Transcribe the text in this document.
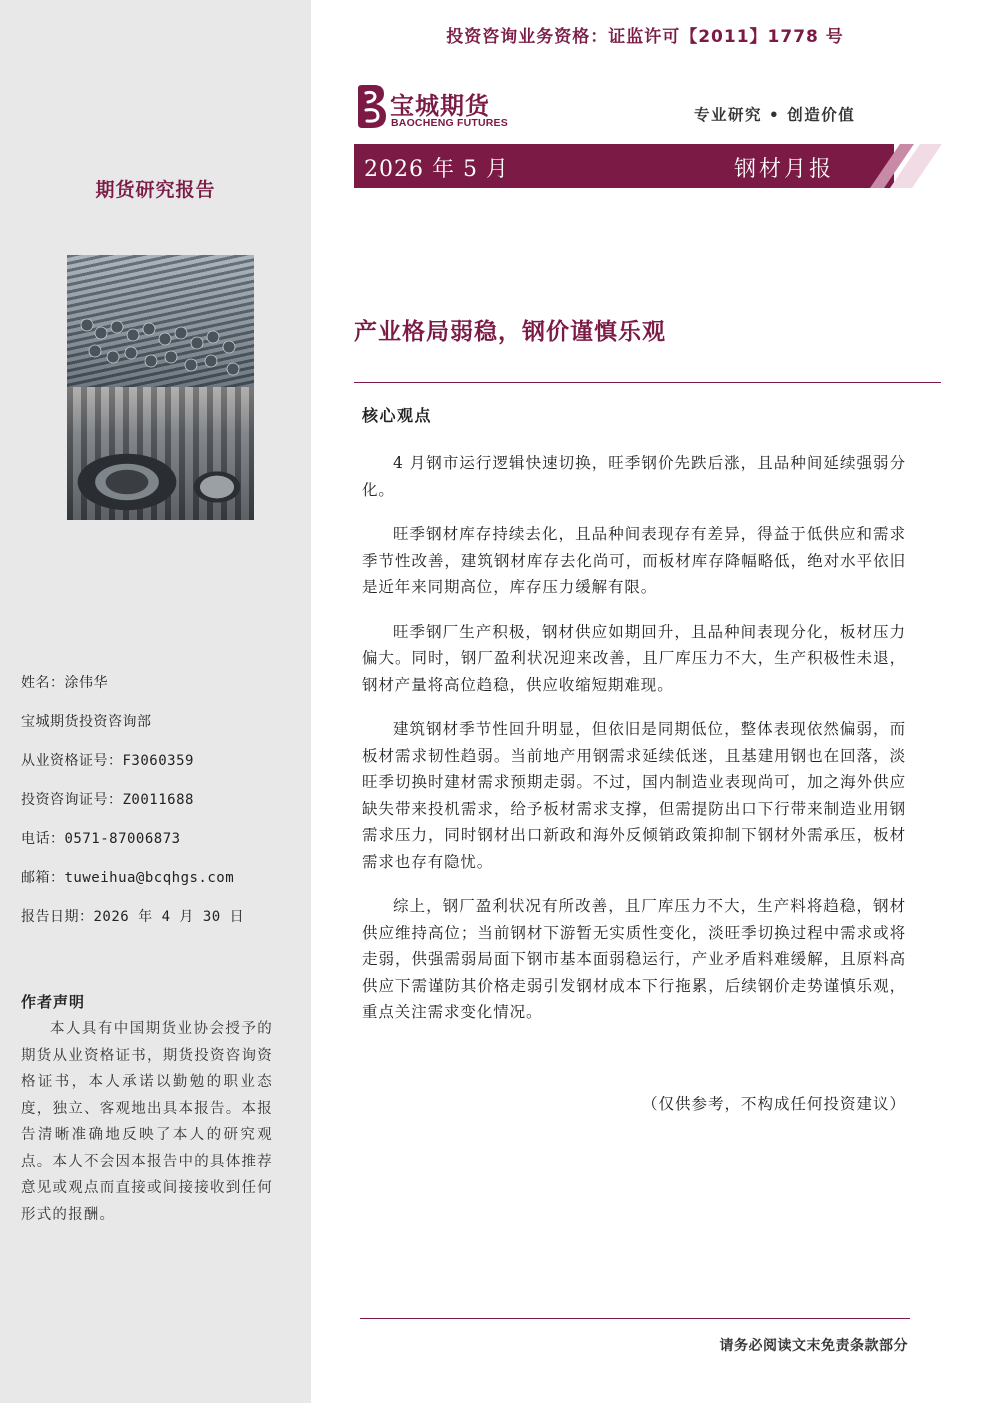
期货研究报告
姓名：涂伟华
宝城期货投资咨询部
从业资格证号：F3060359
投资咨询证号：Z0011688
电话：0571-87006873
邮箱：tuweihua@bcqhgs.com
报告日期：2026 年 4 月 30 日
作者声明
本人具有中国期货业协会授予的期货从业资格证书，期货投资咨询资格证书，本人承诺以勤勉的职业态度，独立、客观地出具本报告。本报告清晰准确地反映了本人的研究观点。本人不会因本报告中的具体推荐意见或观点而直接或间接接收到任何形式的报酬。
投资咨询业务资格：证监许可【2011】1778 号
宝城期货
BAOCHENG FUTURES	专业研究 • 创造价值
2026 年 5 月	钢材月报
产业格局弱稳，钢价谨慎乐观
核心观点

4 月钢市运行逻辑快速切换，旺季钢价先跌后涨，且品种间延续强弱分化。

旺季钢材库存持续去化，且品种间表现存有差异，得益于低供应和需求季节性改善，建筑钢材库存去化尚可，而板材库存降幅略低，绝对水平依旧是近年来同期高位，库存压力缓解有限。

旺季钢厂生产积极，钢材供应如期回升，且品种间表现分化，板材压力偏大。同时，钢厂盈利状况迎来改善，且厂库压力不大，生产积极性未退，钢材产量将高位趋稳，供应收缩短期难现。

建筑钢材季节性回升明显，但依旧是同期低位，整体表现依然偏弱，而板材需求韧性趋弱。当前地产用钢需求延续低迷，且基建用钢也在回落，淡旺季切换时建材需求预期走弱。不过，国内制造业表现尚可，加之海外供应缺失带来投机需求，给予板材需求支撑，但需提防出口下行带来制造业用钢需求压力，同时钢材出口新政和海外反倾销政策抑制下钢材外需承压，板材需求也存有隐忧。

综上，钢厂盈利状况有所改善，且厂库压力不大，生产料将趋稳，钢材供应维持高位；当前钢材下游暂无实质性变化，淡旺季切换过程中需求或将走弱，供强需弱局面下钢市基本面弱稳运行，产业矛盾料难缓解，且原料高供应下需谨防其价格走弱引发钢材成本下行拖累，后续钢价走势谨慎乐观，重点关注需求变化情况。

（仅供参考，不构成任何投资建议）
请务必阅读文末免责条款部分
